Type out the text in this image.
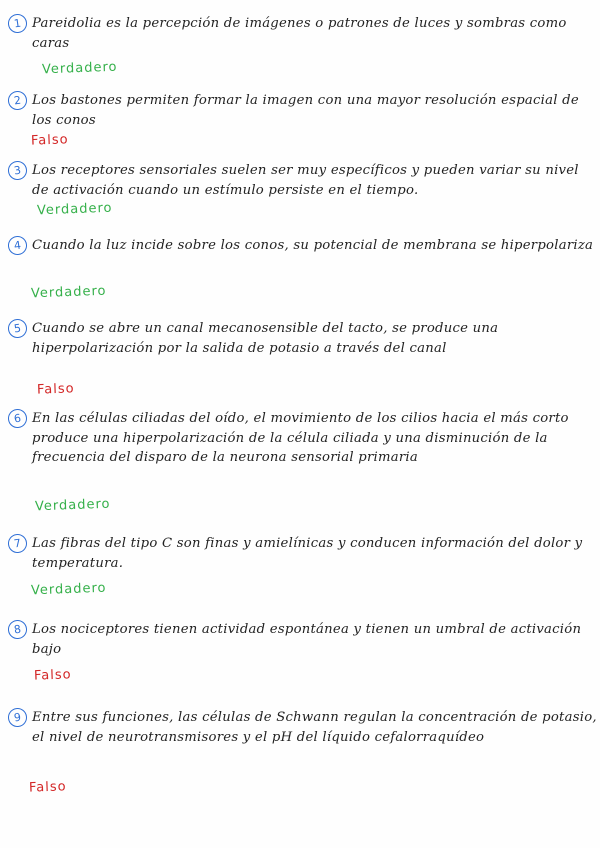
1 Pareidolia es la percepción de imágenes o patrones de luces y sombras como caras

Verdadero
2 Los bastones permiten formar la imagen con una mayor resolución espacial de los conos

Falso
3 Los receptores sensoriales suelen ser muy específicos y pueden variar su nivel de activación cuando un estímulo persiste en el tiempo.

Verdadero
4 Cuando la luz incide sobre los conos, su potencial de membrana se hiperpolariza

Verdadero
5 Cuando se abre un canal mecanosensible del tacto, se produce una hiperpolarización por la salida de potasio a través del canal

Falso
6 En las células ciliadas del oído, el movimiento de los cilios hacia el más corto produce una hiperpolarización de la célula ciliada y una disminución de la frecuencia del disparo de la neurona sensorial primaria

Verdadero
7 Las fibras del tipo C son finas y amielínicas y conducen información del dolor y temperatura.

Verdadero
8 Los nociceptores tienen actividad espontánea y tienen un umbral de activación bajo

Falso
9 Entre sus funciones, las células de Schwann regulan la concentración de potasio, el nivel de neurotransmisores y el pH del líquido cefalorraquídeo

Falso
